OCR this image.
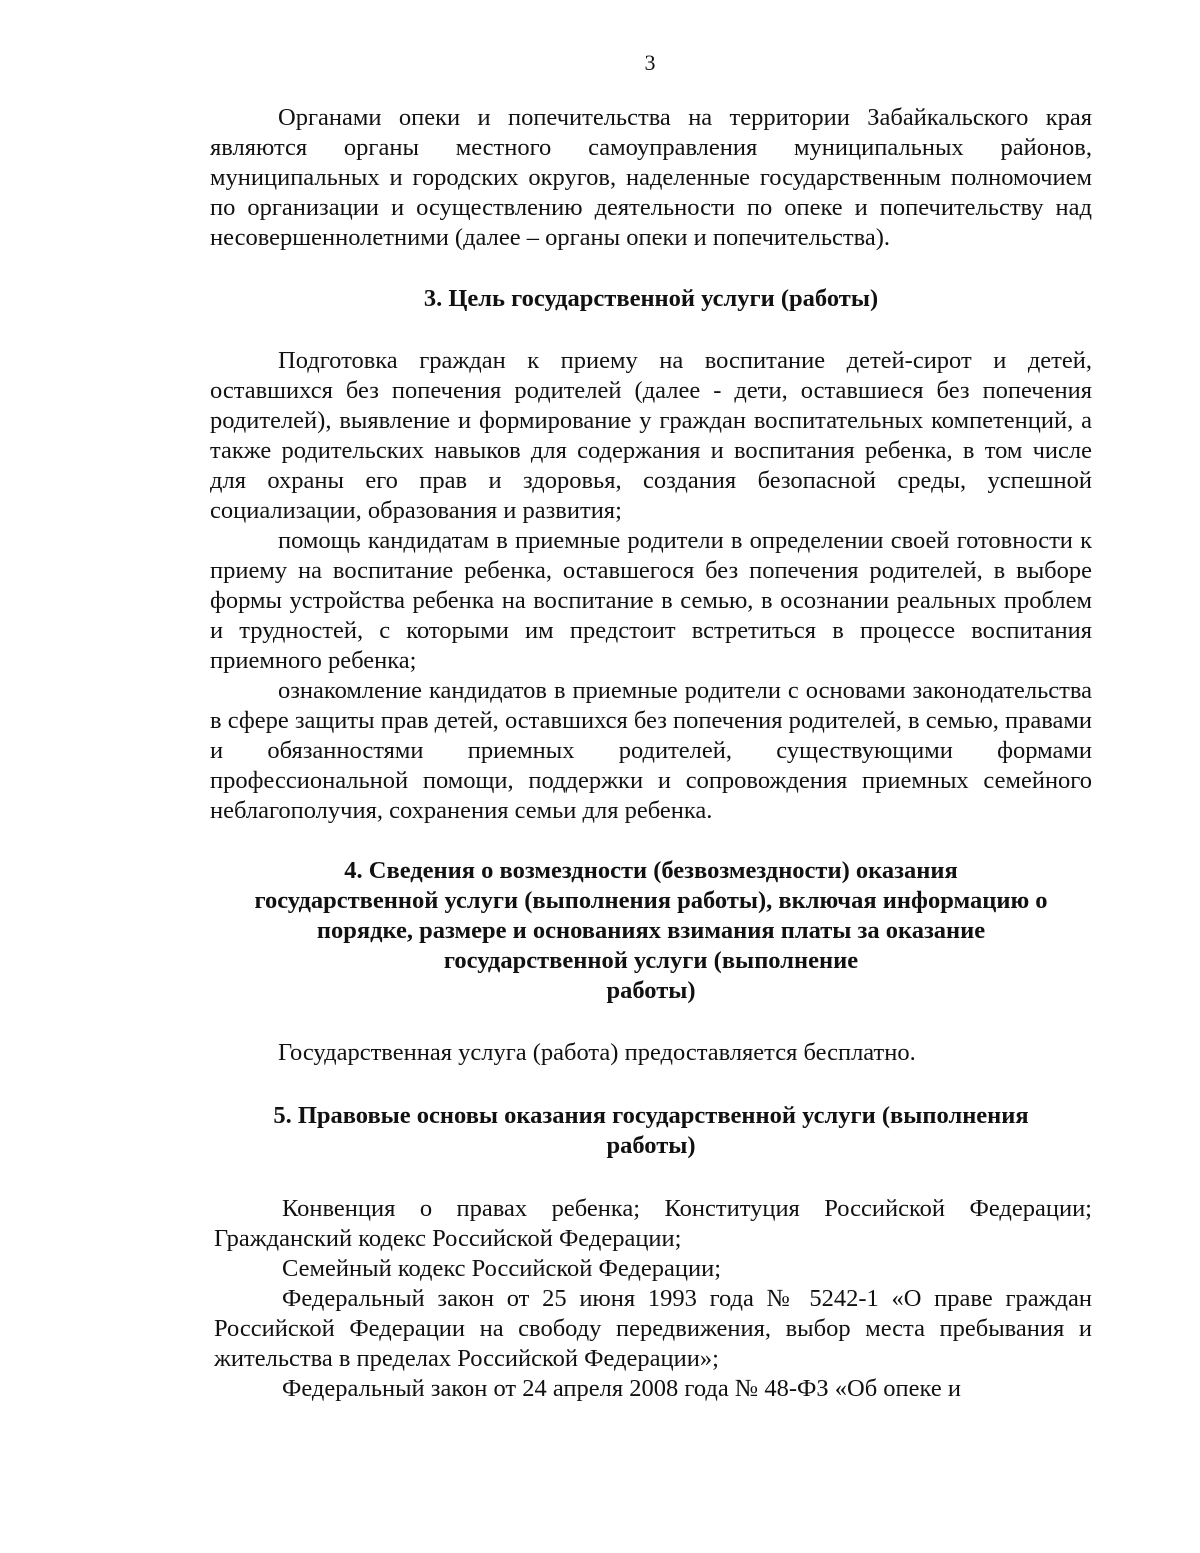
3

Органами опеки и попечительства на территории Забайкальского края являются органы местного самоуправления муниципальных районов, муниципальных и городских округов, наделенные государственным полномочием по организации и осуществлению деятельности по опеке и попечительству над несовершеннолетними (далее – органы опеки и попечительства).

3. Цель государственной услуги (работы)

Подготовка граждан к приему на воспитание детей-сирот и детей, оставшихся без попечения родителей (далее - дети, оставшиеся без попечения родителей), выявление и формирование у граждан воспитательных компетенций, а также родительских навыков для содержания и воспитания ребенка, в том числе для охраны его прав и здоровья, создания безопасной среды, успешной социализации, образования и развития;

помощь кандидатам в приемные родители в определении своей готовности к приему на воспитание ребенка, оставшегося без попечения родителей, в выборе формы устройства ребенка на воспитание в семью, в осознании реальных проблем и трудностей, с которыми им предстоит встретиться в процессе воспитания приемного ребенка;

ознакомление кандидатов в приемные родители с основами законодательства в сфере защиты прав детей, оставшихся без попечения родителей, в семью, правами и обязанностями приемных родителей, существующими формами профессиональной помощи, поддержки и сопровождения приемных семейного неблагополучия, сохранения семьи для ребенка.

4. Сведения о возмездности (безвозмездности) оказания
государственной услуги (выполнения работы), включая информацию о
порядке, размере и основаниях взимания платы за оказание
государственной услуги (выполнение
работы)

Государственная услуга (работа) предоставляется бесплатно.

5. Правовые основы оказания государственной услуги (выполнения
работы)

Конвенция о правах ребенка; Конституция Российской Федерации; Гражданский кодекс Российской Федерации;

Семейный кодекс Российской Федерации;

Федеральный закон от 25 июня 1993 года № 5242-1 «О праве граждан Российской Федерации на свободу передвижения, выбор места пребывания и жительства в пределах Российской Федерации»;

Федеральный закон от 24 апреля 2008 года № 48-ФЗ «Об опеке и
